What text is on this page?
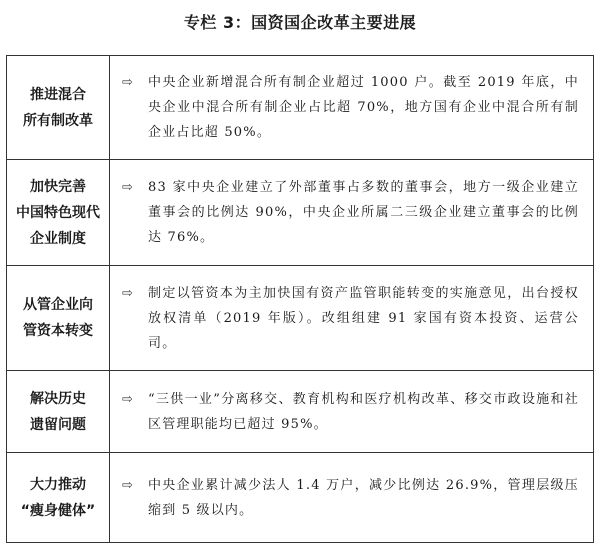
专栏 3：国资国企改革主要进展
推进混合
所有制改革	⇨ 中央企业新增混合所有制企业超过 1000 户。截至 2019 年底，中央企业中混合所有制企业占比超 70%，地方国有企业中混合所有制企业占比超 50%。

加快完善
中国特色现代
企业制度	⇨ 83 家中央企业建立了外部董事占多数的董事会，地方一级企业建立董事会的比例达 90%，中央企业所属二三级企业建立董事会的比例达 76%。

从管企业向
管资本转变	⇨ 制定以管资本为主加快国有资产监管职能转变的实施意见，出台授权放权清单（2019 年版）。改组组建 91 家国有资本投资、运营公司。

解决历史
遗留问题	⇨ “三供一业”分离移交、教育机构和医疗机构改革、移交市政设施和社区管理职能均已超过 95%。

大力推动
“瘦身健体”	⇨ 中央企业累计减少法人 1.4 万户，减少比例达 26.9%，管理层级压缩到 5 级以内。
